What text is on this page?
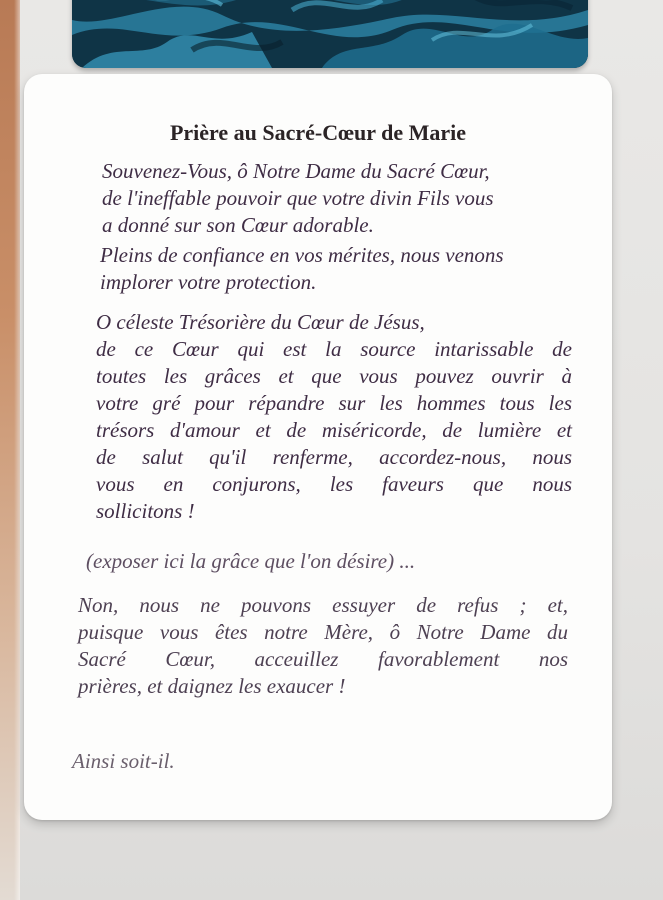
Prière au Sacré-Cœur de Marie

Souvenez-Vous, ô Notre Dame du Sacré Cœur,
de l'ineffable pouvoir que votre divin Fils vous
a donné sur son Cœur adorable.

Pleins de confiance en vos mérites, nous venons
implorer votre protection.

O céleste Trésorière du Cœur de Jésus,
de ce Cœur qui est la source intarissable de
toutes les grâces et que vous pouvez ouvrir à
votre gré pour répandre sur les hommes tous les
trésors d'amour et de miséricorde, de lumière et
de salut qu'il renferme, accordez-nous, nous
vous en conjurons, les faveurs que nous
sollicitons !

(exposer ici la grâce que l'on désire) ...

Non, nous ne pouvons essuyer de refus ; et,
puisque vous êtes notre Mère, ô Notre Dame du
Sacré Cœur, acceuillez favorablement nos
prières, et daignez les exaucer !

Ainsi soit-il.
